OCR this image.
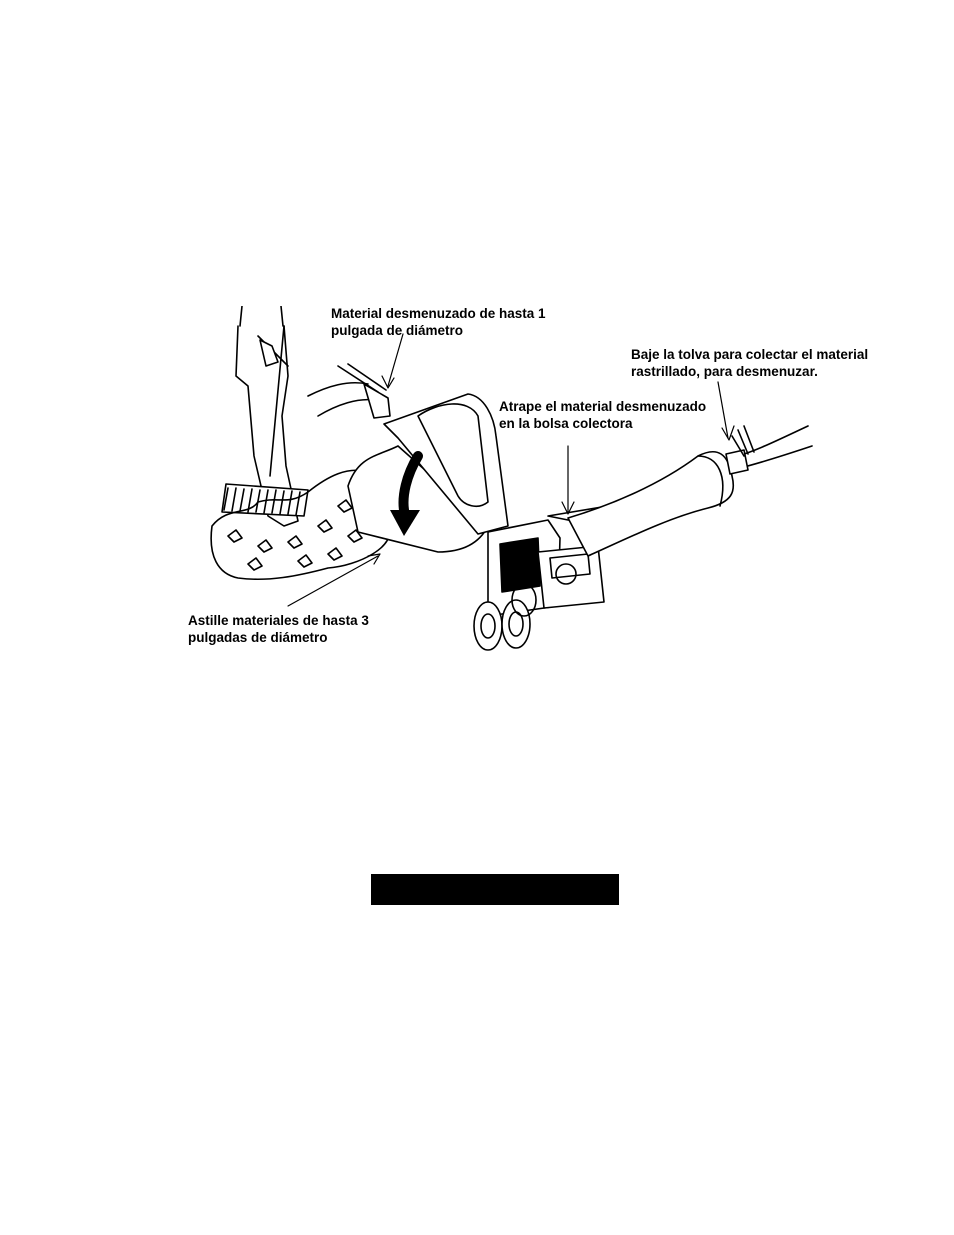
Material desmenuzado de hasta 1
pulgada de diámetro

Baje la tolva para colectar el material
rastrillado, para desmenuzar.

Atrape el material desmenuzado
en la bolsa colectora

Astille materiales de hasta 3
pulgadas de diámetro
